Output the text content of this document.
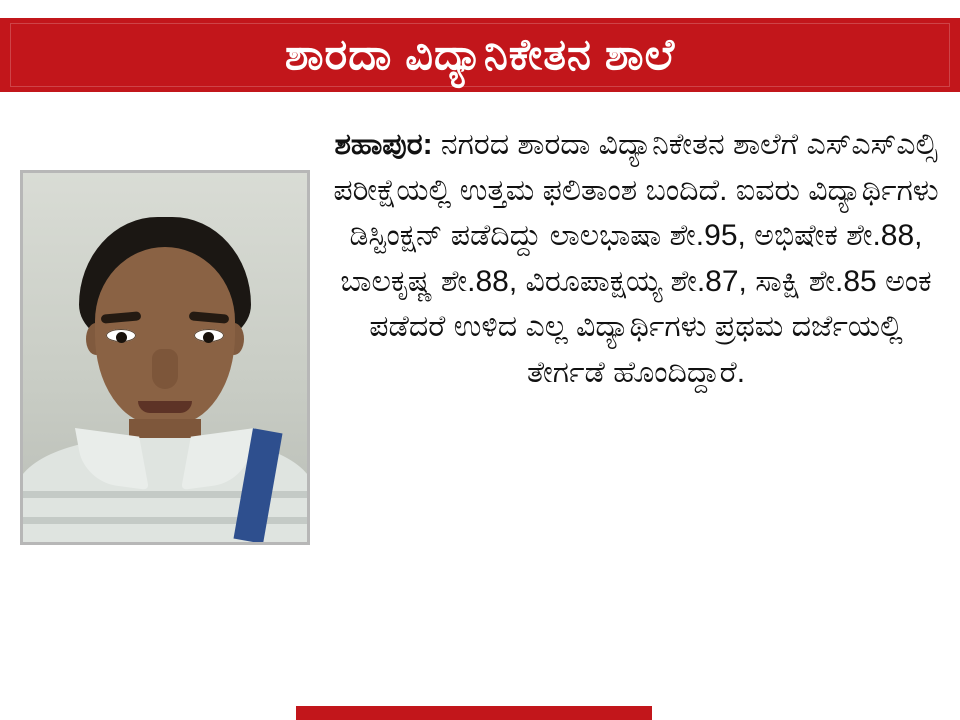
ಶಾರದಾ ವಿದ್ಯಾನಿಕೇತನ ಶಾಲೆ
ಶಹಾಪುರ: ನಗರದ ಶಾರದಾ ವಿದ್ಯಾನಿಕೇತನ ಶಾಲೆಗೆ ಎಸ್ಎಸ್ಎಲ್ಸಿ ಪರೀಕ್ಷೆಯಲ್ಲಿ ಉತ್ತಮ ಫಲಿತಾಂಶ ಬಂದಿದೆ. ಐವರು ವಿದ್ಯಾರ್ಥಿಗಳು ಡಿಸ್ಟಿಂಕ್ಷನ್ ಪಡೆದಿದ್ದು ಲಾಲಭಾಷಾ ಶೇ.95, ಅಭಿಷೇಕ ಶೇ.88, ಬಾಲಕೃಷ್ಣ ಶೇ.88, ವಿರೂಪಾಕ್ಷಯ್ಯ ಶೇ.87, ಸಾಕ್ಷಿ ಶೇ.85 ಅಂಕ ಪಡೆದರೆ ಉಳಿದ ಎಲ್ಲ ವಿದ್ಯಾರ್ಥಿಗಳು ಪ್ರಥಮ ದರ್ಜೆಯಲ್ಲಿ ತೇರ್ಗಡೆ ಹೊಂದಿದ್ದಾರೆ.
